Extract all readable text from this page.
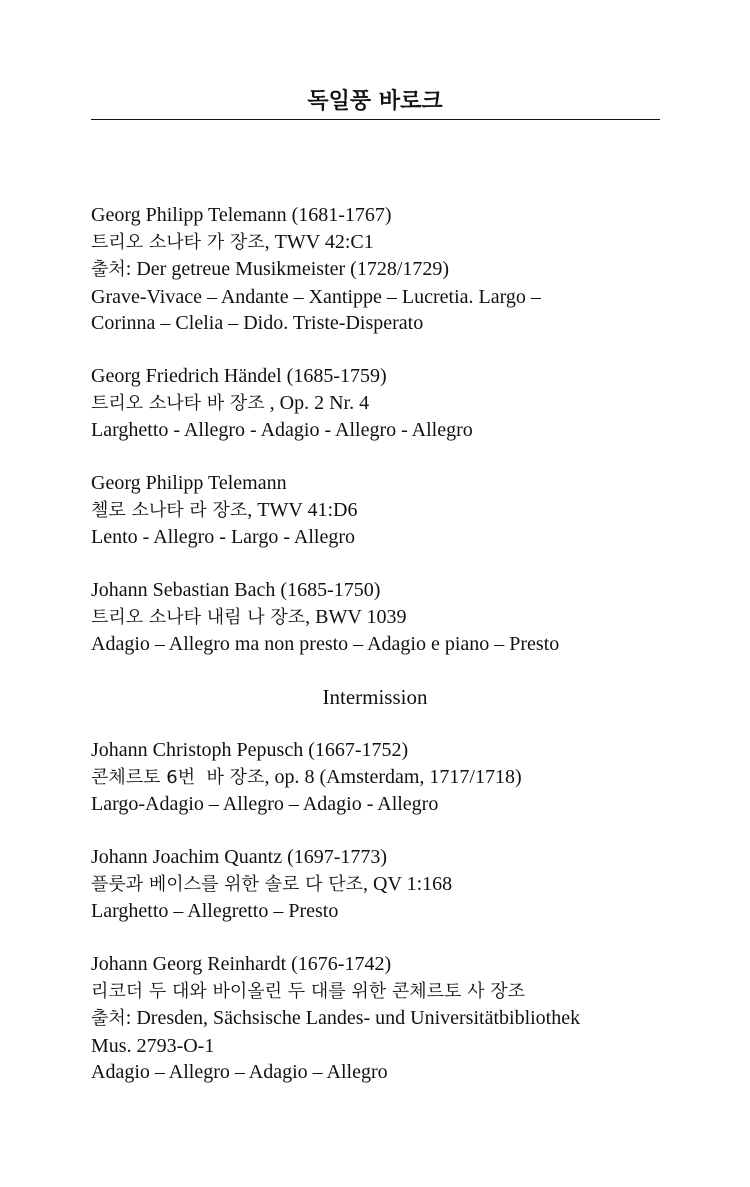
독일풍 바로크
Georg Philipp Telemann (1681-1767)
트리오 소나타 가 장조, TWV 42:C1
출처: Der getreue Musikmeister (1728/1729)
Grave-Vivace – Andante – Xantippe – Lucretia. Largo –
Corinna – Clelia – Dido. Triste-Disperato
Georg Friedrich Händel (1685-1759)
트리오 소나타 바 장조 , Op. 2 Nr. 4
Larghetto - Allegro - Adagio - Allegro - Allegro
Georg Philipp Telemann
첼로 소나타 라 장조, TWV 41:D6
Lento - Allegro - Largo - Allegro
Johann Sebastian Bach (1685-1750)
트리오 소나타 내림 나 장조, BWV 1039
Adagio – Allegro ma non presto – Adagio e piano – Presto
Intermission
Johann Christoph Pepusch (1667-1752)
콘체르토 6번  바 장조, op. 8 (Amsterdam, 1717/1718)
Largo-Adagio – Allegro – Adagio - Allegro
Johann Joachim Quantz (1697-1773)
플룻과 베이스를 위한 솔로 다 단조, QV 1:168
Larghetto – Allegretto – Presto
Johann Georg Reinhardt (1676-1742)
리코더 두 대와 바이올린 두 대를 위한 콘체르토 사 장조
출처: Dresden, Sächsische Landes- und Universitätbibliothek
Mus. 2793-O-1
Adagio – Allegro – Adagio – Allegro
